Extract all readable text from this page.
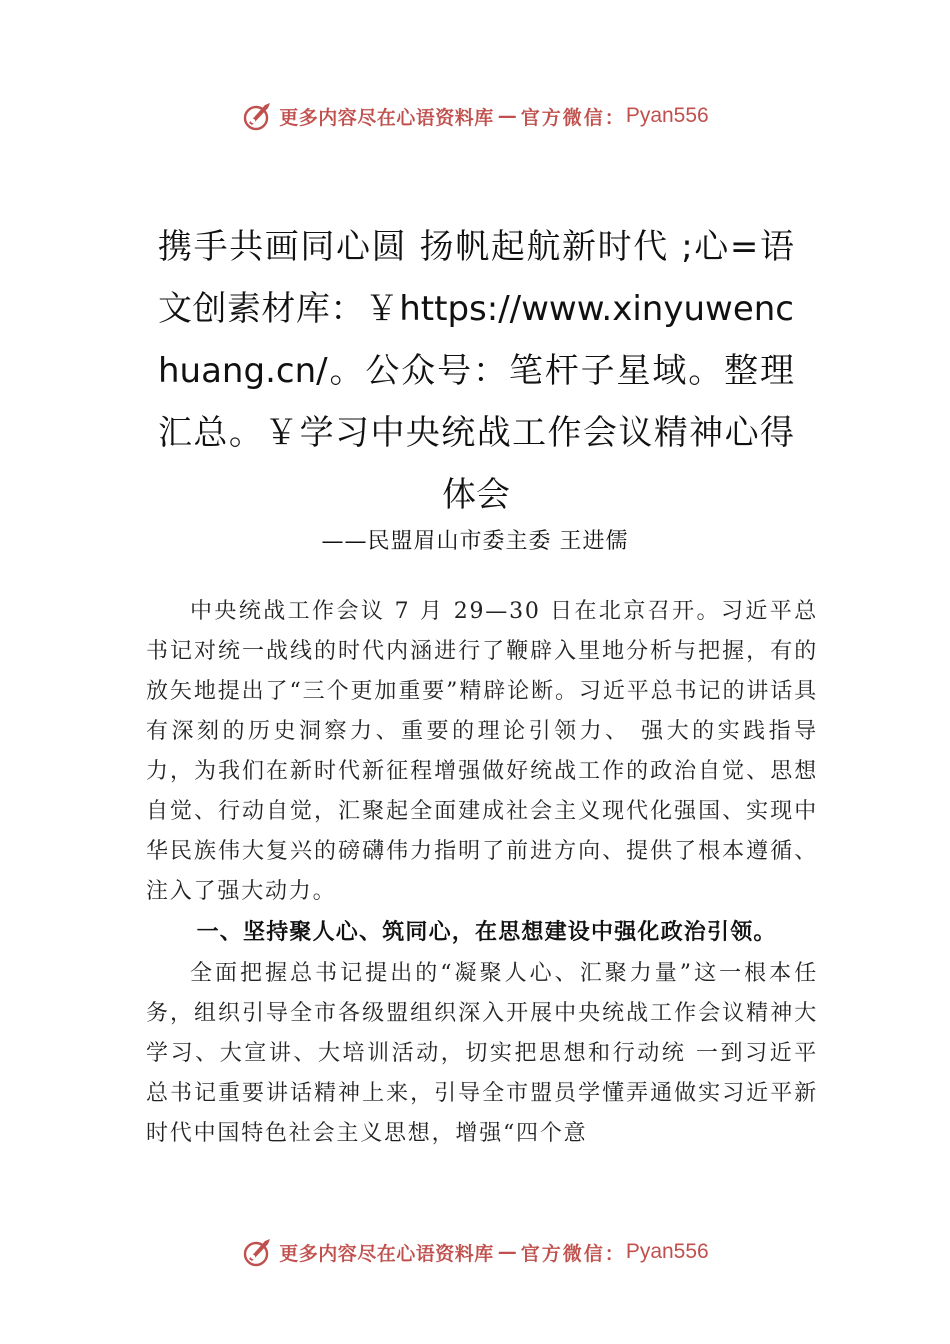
更多内容尽在心语资料库 — 官方微信： Pyan556
携手共画同心圆 扬帆起航新时代 ;心=语文创素材库：￥https://www.xinyuwenchuang.cn/。公众号：笔杆子星域。整理汇总。￥学习中央统战工作会议精神心得体会
——民盟眉山市委主委 王进儒

中央统战工作会议 7 月 29—30 日在北京召开。习近平总书记对统一战线的时代内涵进行了鞭辟入里地分析与把握，有的放矢地提出了“三个更加重要”精辟论断。习近平总书记的讲话具有深刻的历史洞察力、重要的理论引领力、 强大的实践指导力，为我们在新时代新征程增强做好统战工作的政治自觉、思想自觉、行动自觉，汇聚起全面建成社会主义现代化强国、实现中华民族伟大复兴的磅礴伟力指明了前进方向、提供了根本遵循、注入了强大动力。

一、坚持聚人心、筑同心，在思想建设中强化政治引领。

全面把握总书记提出的“凝聚人心、汇聚力量”这一根本任务，组织引导全市各级盟组织深入开展中央统战工作会议精神大学习、大宣讲、大培训活动，切实把思想和行动统 一到习近平总书记重要讲话精神上来，引导全市盟员学懂弄通做实习近平新时代中国特色社会主义思想，增强“四个意

更多内容尽在心语资料库 — 官方微信： Pyan556
